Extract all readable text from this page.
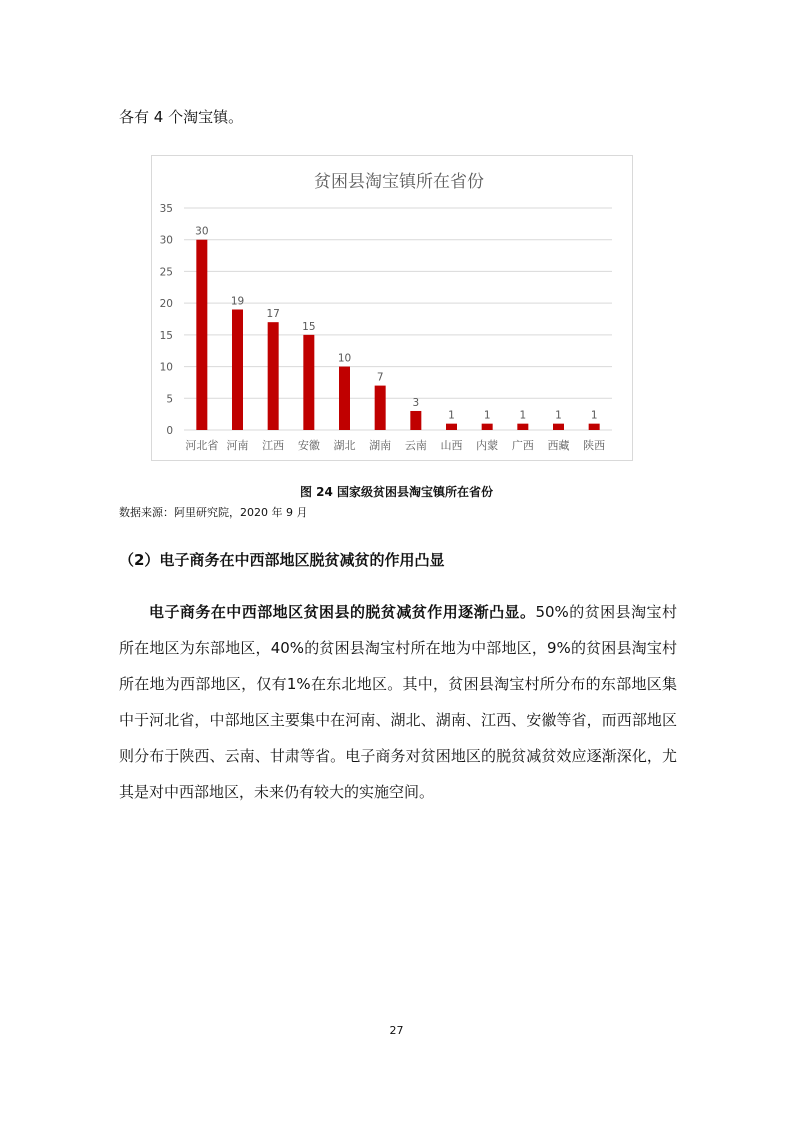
各有 4 个淘宝镇。
贫困县淘宝镇所在省份
0
5
10
15
20
25
30
35
30
19
17
15
10
7
3
1	1	1	1	1
河北省 河南 江西 安徽 湖北 湖南 云南 山西 内蒙 广西 西藏 陕西
图 24 国家级贫困县淘宝镇所在省份
数据来源：阿里研究院，2020 年 9 月
（2）电子商务在中西部地区脱贫减贫的作用凸显
电子商务在中西部地区贫困县的脱贫减贫作用逐渐凸显。50%的贫困县淘宝村所在地区为东部地区，40%的贫困县淘宝村所在地为中部地区，9%的贫困县淘宝村所在地为西部地区，仅有1%在东北地区。其中，贫困县淘宝村所分布的东部地区集中于河北省，中部地区主要集中在河南、湖北、湖南、江西、安徽等省，而西部地区则分布于陕西、云南、甘肃等省。电子商务对贫困地区的脱贫减贫效应逐渐深化，尤其是对中西部地区，未来仍有较大的实施空间。
27
